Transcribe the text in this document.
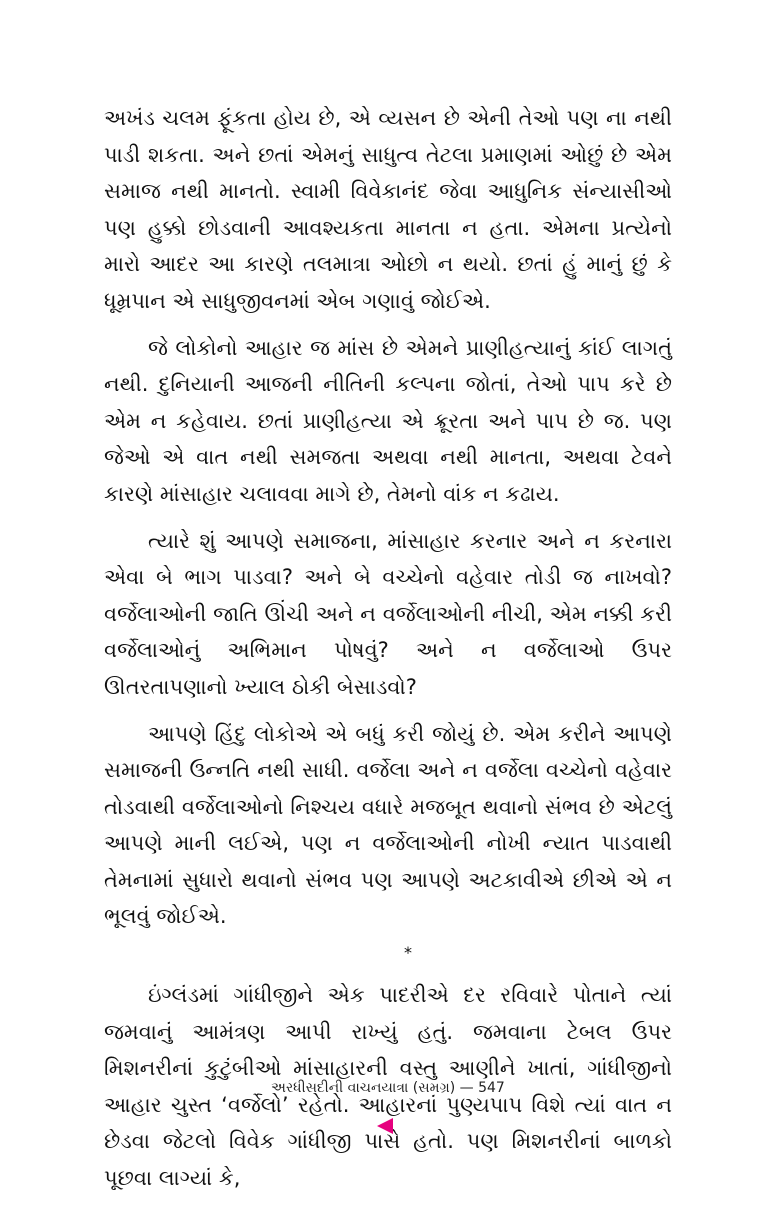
અખંડ ચલમ ફૂંકતા હોય છે, એ વ્યસન છે એની તેઓ પણ ના નથી પાડી શકતા. અને છતાં એમનું સાધુત્વ તેટલા પ્રમાણમાં ઓછું છે એમ સમાજ નથી માનતો. સ્વામી વિવેકાનંદ જેવા આધુનિક સંન્યાસીઓ પણ હુક્કો છોડવાની આવશ્યકતા માનતા ન હતા. એમના પ્રત્યેનો મારો આદર આ કારણે તલમાત્રા ઓછો ન થયો. છતાં હું માનું છું કે ધૂમ્રપાન એ સાધુજીવનમાં એબ ગણાવું જોઈએ.

જે લોકોનો આહાર જ માંસ છે એમને પ્રાણીહત્યાનું કાંઈ લાગતું નથી. દુનિયાની આજની નીતિની કલ્પના જોતાં, તેઓ પાપ કરે છે એમ ન કહેવાય. છતાં પ્રાણીહત્યા એ ક્રૂરતા અને પાપ છે જ. પણ જેઓ એ વાત નથી સમજતા અથવા નથી માનતા, અથવા ટેવને કારણે માંસાહાર ચલાવવા માગે છે, તેમનો વાંક ન કઢાય.

ત્યારે શું આપણે સમાજના, માંસાહાર કરનાર અને ન કરનારા એવા બે ભાગ પાડવા? અને બે વચ્ચેનો વહેવાર તોડી જ નાખવો? વર્જેલાઓની જાતિ ઊંચી અને ન વર્જેલાઓની નીચી, એમ નક્કી કરી વર્જેલાઓનું અભિમાન પોષવું? અને ન વર્જેલાઓ ઉપર ઊતરતાપણાનો ખ્યાલ ઠોકી બેસાડવો?

આપણે હિંદુ લોકોએ એ બધું કરી જોયું છે. એમ કરીને આપણે સમાજની ઉન્નતિ નથી સાધી. વર્જેલા અને ન વર્જેલા વચ્ચેનો વહેવાર તોડવાથી વર્જેલાઓનો નિશ્ચય વધારે મજબૂત થવાનો સંભવ છે એટલું આપણે માની લઈએ, પણ ન વર્જેલાઓની નોખી ન્યાત પાડવાથી તેમનામાં સુધારો થવાનો સંભવ પણ આપણે અટકાવીએ છીએ એ ન ભૂલવું જોઈએ.

*

ઇંગ્લંડમાં ગાંધીજીને એક પાદરીએ દર રવિવારે પોતાને ત્યાં જમવાનું આમંત્રણ આપી રાખ્યું હતું. જમવાના ટેબલ ઉપર મિશનરીનાં કુટુંબીઓ માંસાહારની વસ્તુ આણીને ખાતાં, ગાંધીજીનો આહાર ચુસ્ત ‘વર્જેલો’ રહેતો. આહારનાં પુણ્યપાપ વિશે ત્યાં વાત ન છેડવા જેટલો વિવેક ગાંધીજી પાસે હતો. પણ મિશનરીનાં બાળકો પૂછવા લાગ્યાં કે,

અરધીસદીની વાચનયાત્રા (સમગ્ર) — 547
